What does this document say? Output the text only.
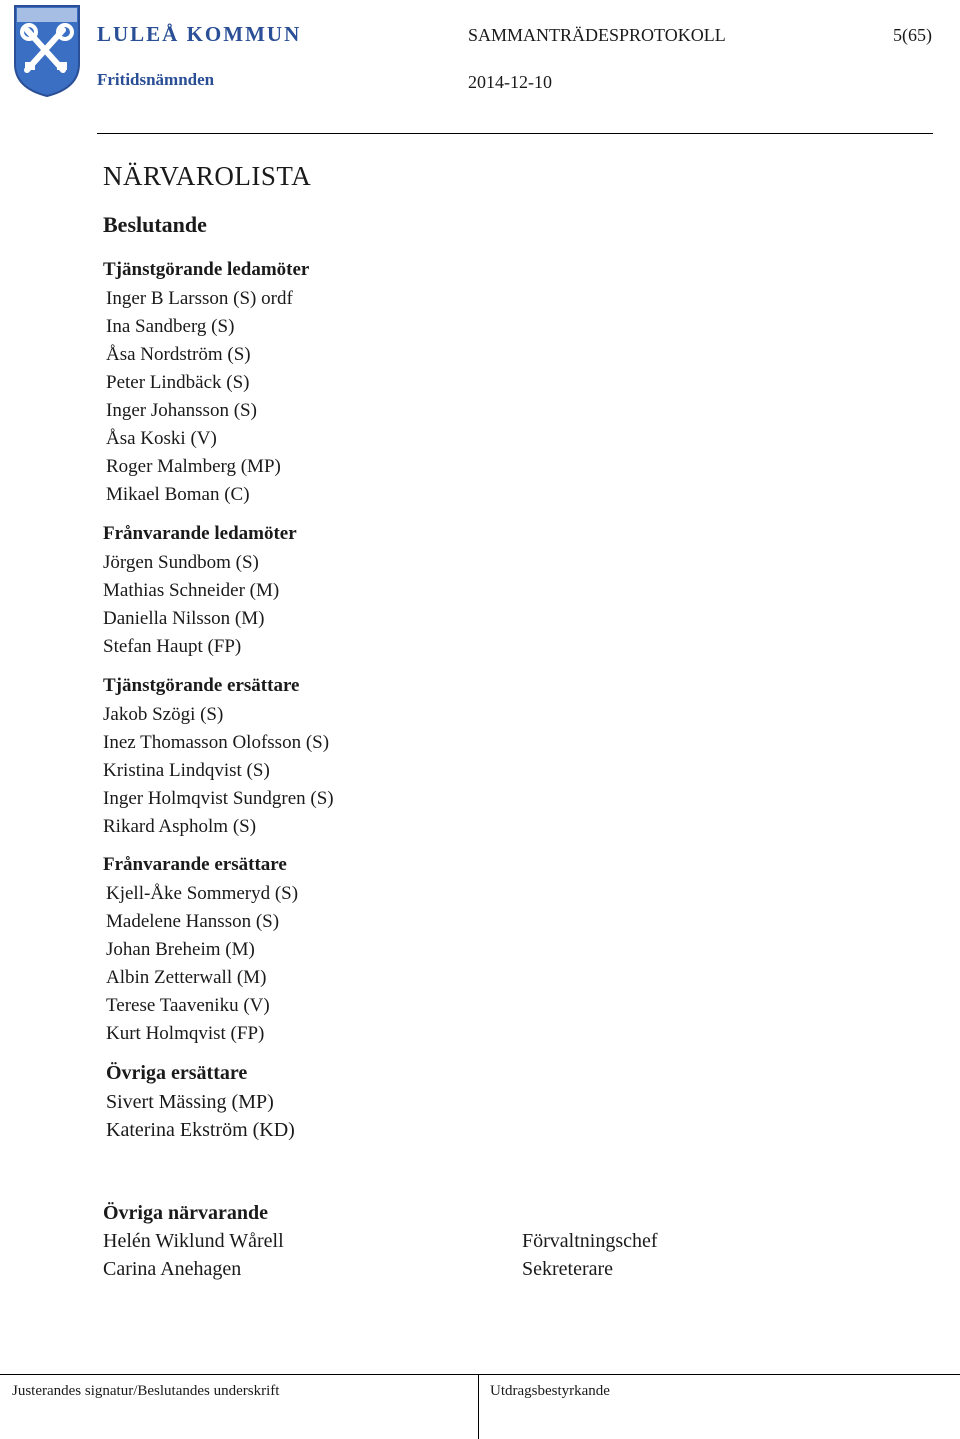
LULEÅ KOMMUN
Fritidsnämnden
SAMMANTRÄDESPROTOKOLL	5(65)
2014-12-10
NÄRVAROLISTA
Beslutande
Tjänstgörande ledamöter
Inger B Larsson (S) ordf
Ina Sandberg (S)
Åsa Nordström (S)
Peter Lindbäck (S)
Inger Johansson (S)
Åsa Koski (V)
Roger Malmberg (MP)
Mikael Boman (C)
Frånvarande ledamöter
Jörgen Sundbom (S)
Mathias Schneider (M)
Daniella Nilsson (M)
Stefan Haupt (FP)
Tjänstgörande ersättare
Jakob Szögi (S)
Inez Thomasson Olofsson (S)
Kristina Lindqvist (S)
Inger Holmqvist Sundgren (S)
Rikard Aspholm (S)
Frånvarande ersättare
Kjell-Åke Sommeryd (S)
Madelene Hansson (S)
Johan Breheim (M)
Albin Zetterwall (M)
Terese Taaveniku (V)
Kurt Holmqvist (FP)
Övriga ersättare
Sivert Mässing (MP)
Katerina Ekström (KD)
Övriga närvarande
Helén Wiklund Wårell	Förvaltningschef
Carina Anehagen	Sekreterare
Justerandes signatur/Beslutandes underskrift	Utdragsbestyrkande
